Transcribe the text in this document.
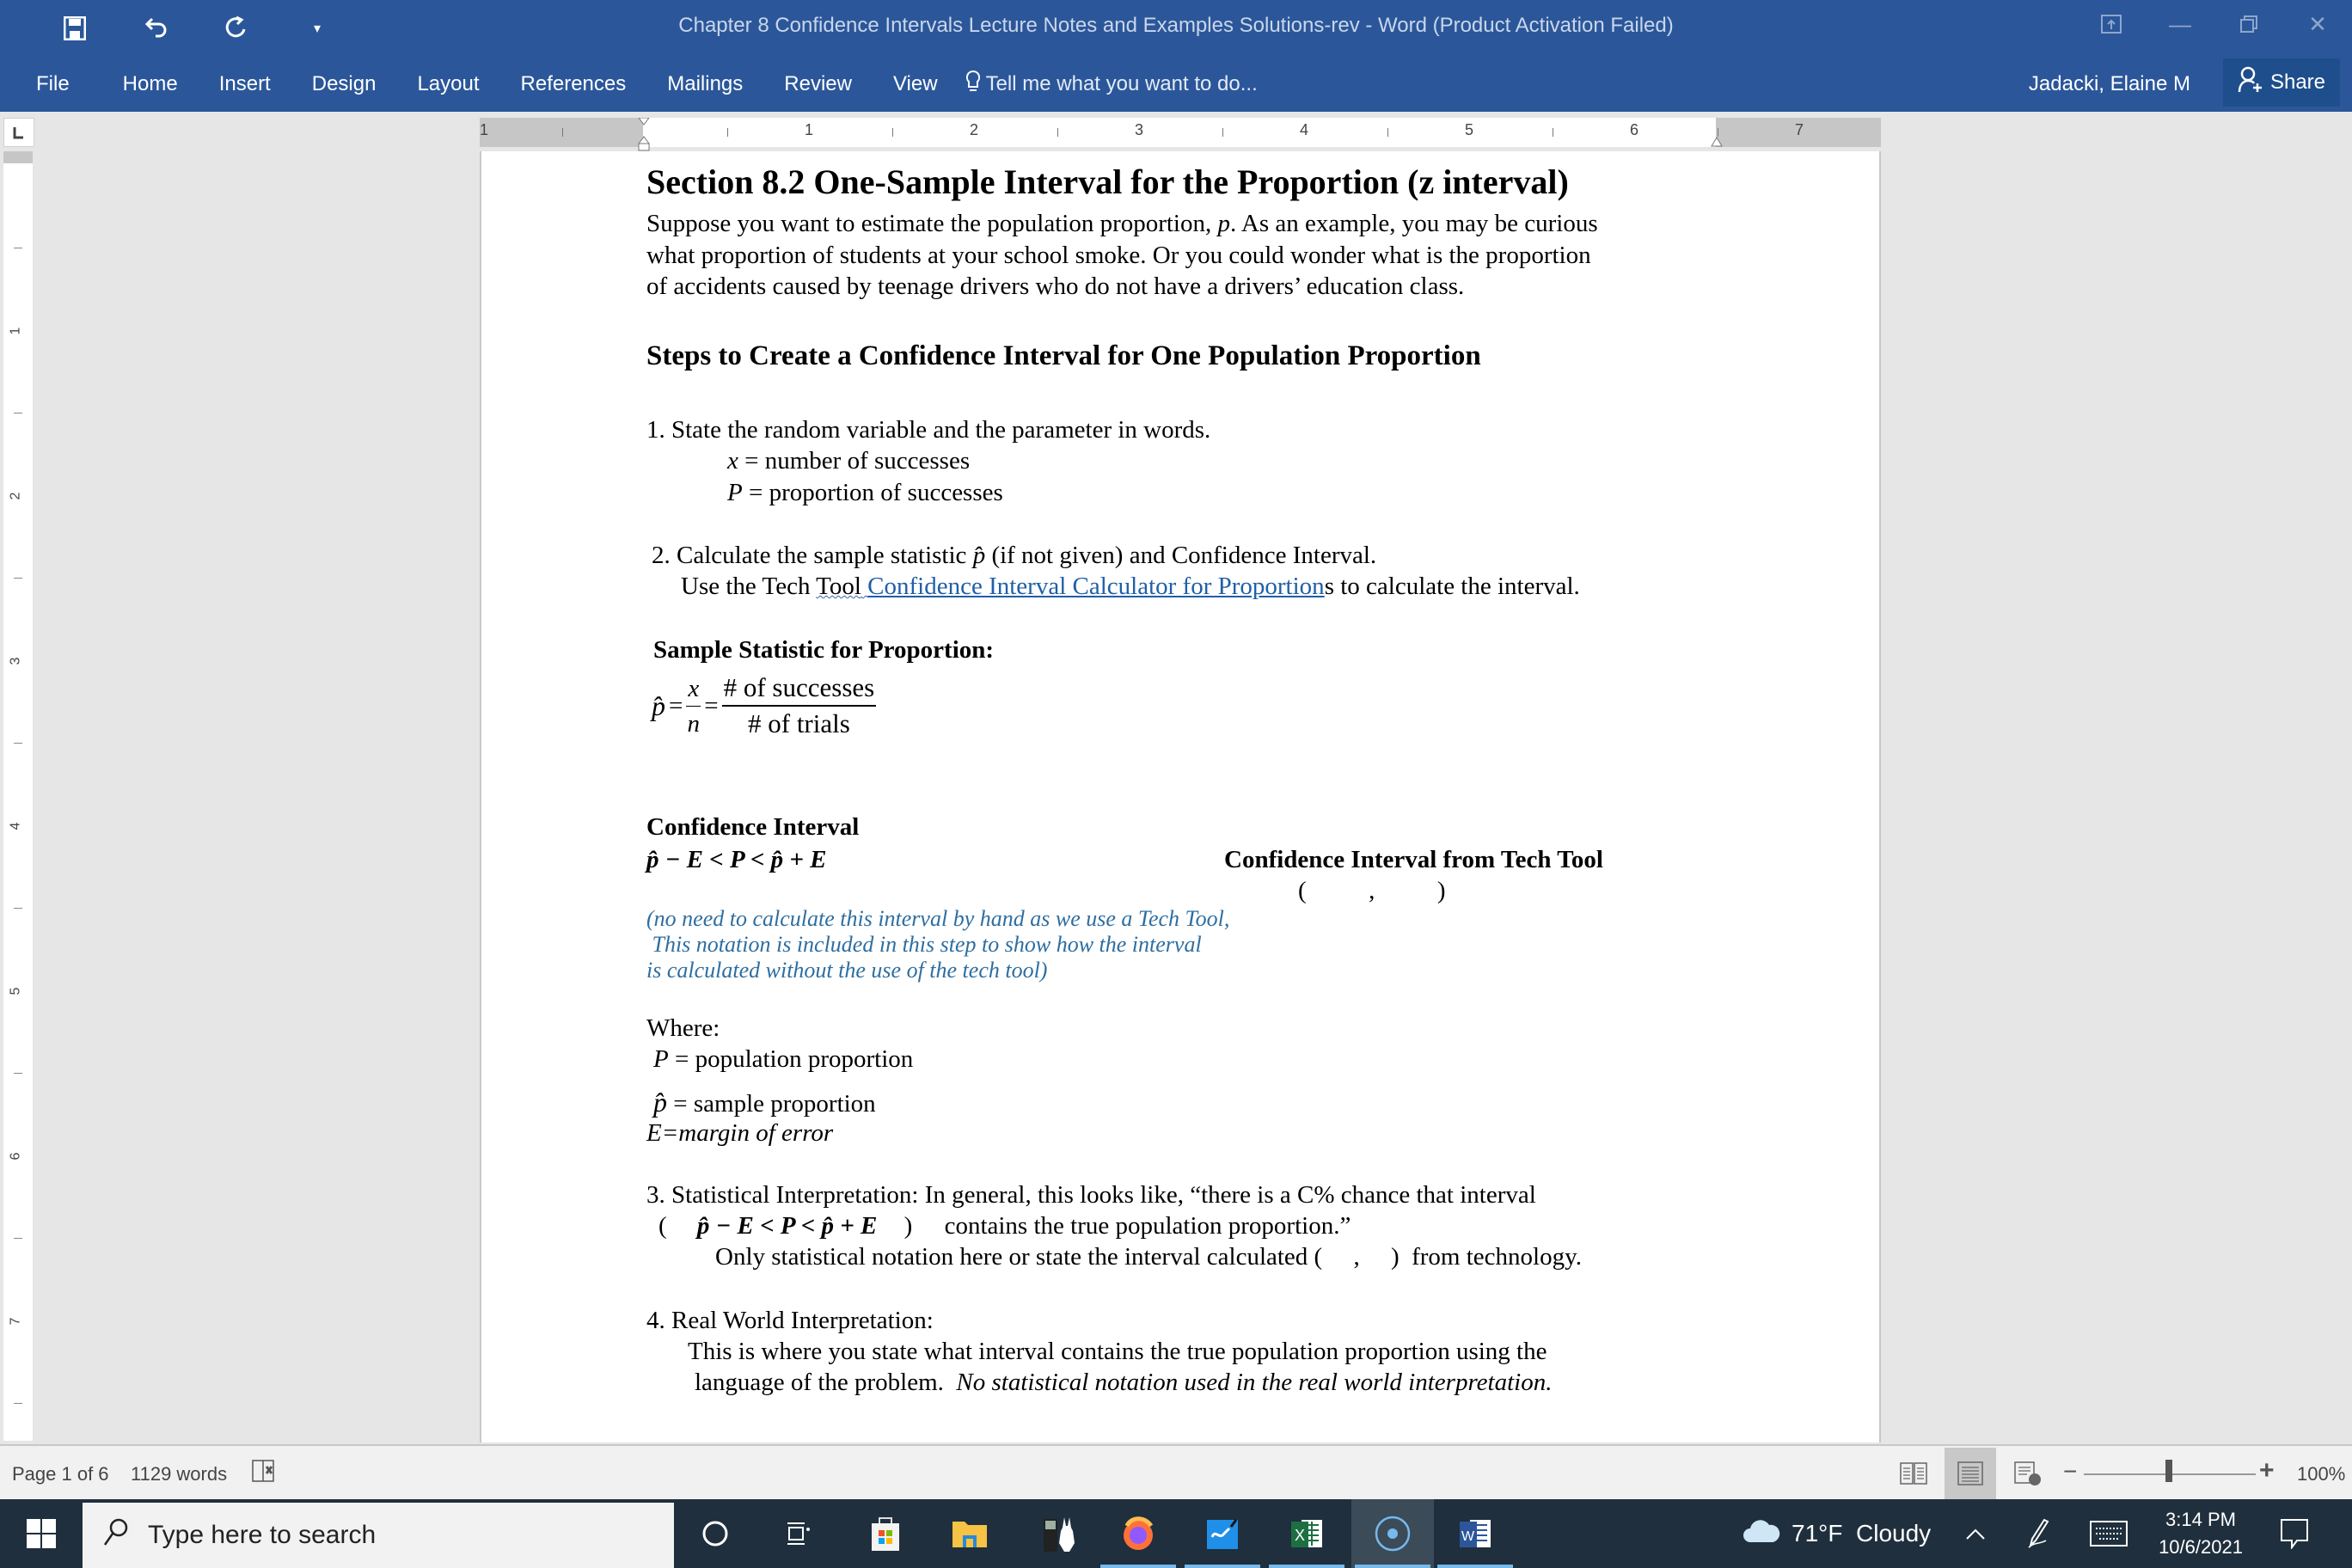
▾	Chapter 8 Confidence Intervals Lecture Notes and Examples Solutions-rev - Word (Product Activation Failed)	—	✕
File	Home	Insert	Design	Layout	References	Mailings	Review	View	Tell me what you want to do...	Jadacki, Elaine M	Share
1	1	2	3	4	5	6	7
1
2
3
4
5
6
7
Section 8.2 One-Sample Interval for the Proportion (z interval)
Suppose you want to estimate the population proportion, p. As an example, you may be curious
what proportion of students at your school smoke. Or you could wonder what is the proportion
of accidents caused by teenage drivers who do not have a drivers’ education class.
Steps to Create a Confidence Interval for One Population Proportion
1. State the random variable and the parameter in words.
x = number of successes
P = proportion of successes
2. Calculate the sample statistic p̂ (if not given) and Confidence Interval.
Use the Tech Tool Confidence Interval Calculator for Proportions to calculate the interval.
Sample Statistic for Proportion:
p̂ = $\frac{x}{n} = \frac{\text{\# of successes}}{\text{\# of trials}}$
Confidence Interval
p̂ − E < P < p̂ + E	Confidence Interval from Tech Tool
(          ,          )
(no need to calculate this interval by hand as we use a Tech Tool,
This notation is included in this step to show how the interval
is calculated without the use of the tech tool)
Where:
P = population proportion
p̂ = sample proportion
E=margin of error
3. Statistical Interpretation: In general, this looks like, “there is a C% chance that interval
( p̂ − E < P < p̂ + E ) contains the true population proportion.”
Only statistical notation here or state the interval calculated (     ,     )  from technology.
4. Real World Interpretation:
This is where you state what interval contains the true population proportion using the
language of the problem.  No statistical notation used in the real world interpretation.
Page 1 of 6 1129 words	−	+ 100%
Type here to search	X	W	71°F  Cloudy
3:14 PM
10/6/2021
